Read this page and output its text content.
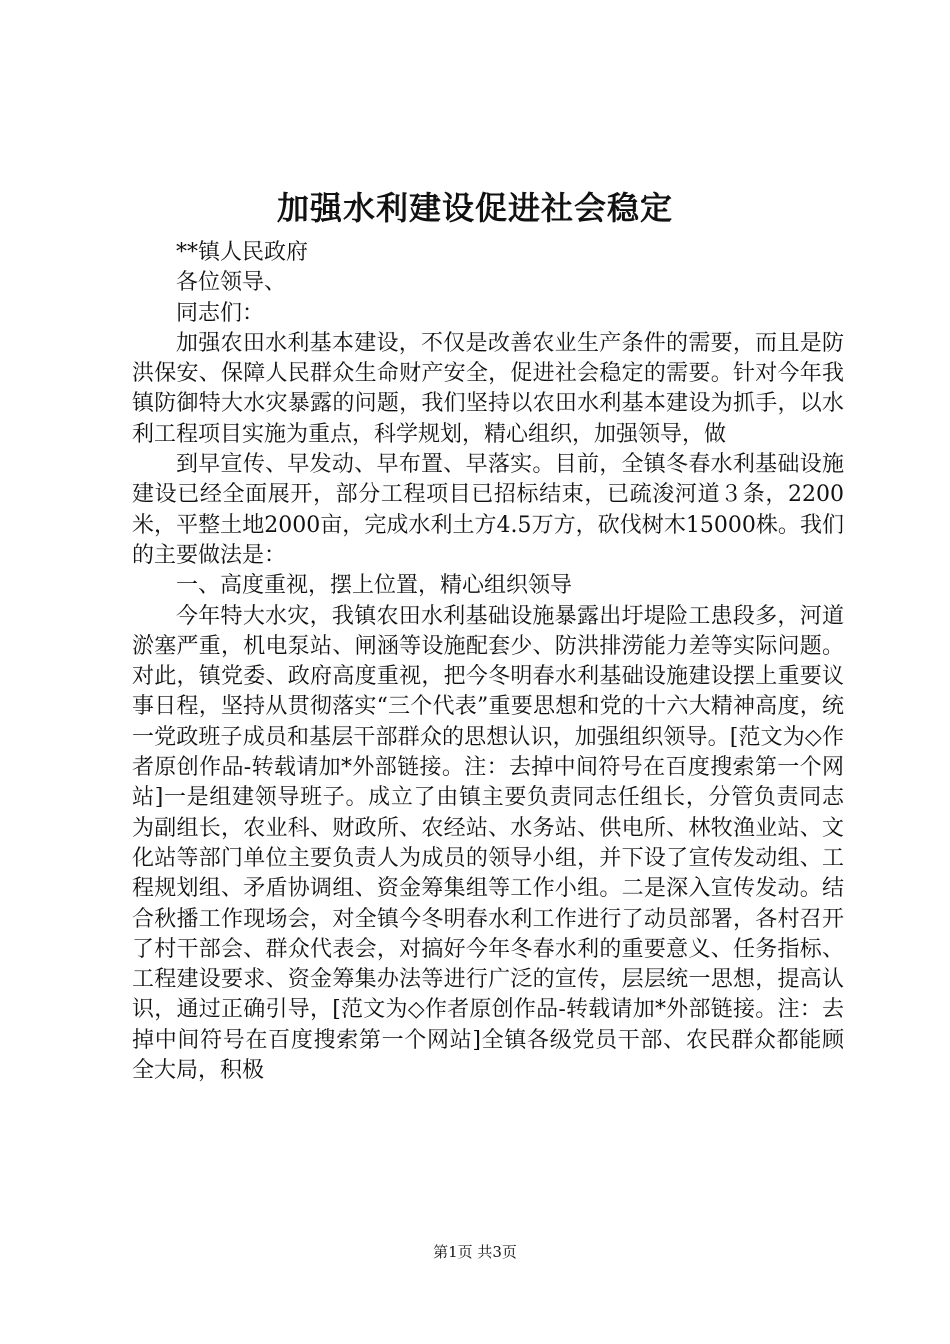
加强水利建设促进社会稳定

**镇人民政府

各位领导、

同志们：

加强农田水利基本建设，不仅是改善农业生产条件的需要，而且是防洪保安、保障人民群众生命财产安全，促进社会稳定的需要。针对今年我镇防御特大水灾暴露的问题，我们坚持以农田水利基本建设为抓手，以水利工程项目实施为重点，科学规划，精心组织，加强领导，做

到早宣传、早发动、早布置、早落实。目前，全镇冬春水利基础设施建设已经全面展开，部分工程项目已招标结束，已疏浚河道３条，2200米，平整土地2000亩，完成水利土方4.5万方，砍伐树木15000株。我们的主要做法是：

一、高度重视，摆上位置，精心组织领导

今年特大水灾，我镇农田水利基础设施暴露出圩堤险工患段多，河道淤塞严重，机电泵站、闸涵等设施配套少、防洪排涝能力差等实际问题。对此，镇党委、政府高度重视，把今冬明春水利基础设施建设摆上重要议事日程，坚持从贯彻落实“三个代表”重要思想和党的十六大精神高度，统一党政班子成员和基层干部群众的思想认识，加强组织领导。[范文为◇作者原创作品-转载请加*外部链接。注：去掉中间符号在百度搜索第一个网站]一是组建领导班子。成立了由镇主要负责同志任组长，分管负责同志为副组长，农业科、财政所、农经站、水务站、供电所、林牧渔业站、文化站等部门单位主要负责人为成员的领导小组，并下设了宣传发动组、工程规划组、矛盾协调组、资金筹集组等工作小组。二是深入宣传发动。结合秋播工作现场会，对全镇今冬明春水利工作进行了动员部署，各村召开了村干部会、群众代表会，对搞好今年冬春水利的重要意义、任务指标、工程建设要求、资金筹集办法等进行广泛的宣传，层层统一思想，提高认识，通过正确引导，[范文为◇作者原创作品-转载请加*外部链接。注：去掉中间符号在百度搜索第一个网站]全镇各级党员干部、农民群众都能顾全大局，积极

第1页 共3页
